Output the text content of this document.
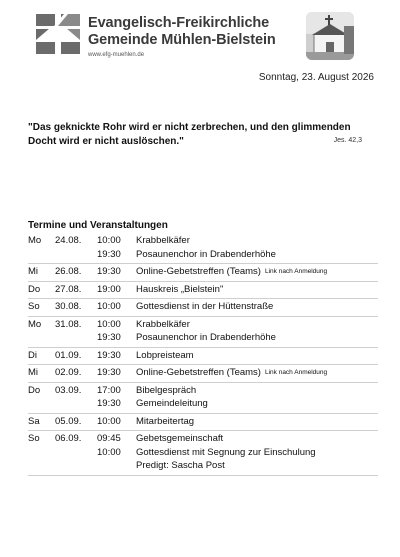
Evangelisch-Freikirchliche
Gemeinde Mühlen-Bielstein
www.efg-muehlen.de
Sonntag, 23. August 2026
"Das geknickte Rohr wird er nicht zerbrechen, und den glimmenden Docht wird er nicht auslöschen."	Jes. 42,3
Termine und Veranstaltungen
Mo	24.08.	10:00	Krabbelkäfer
19:30	Posaunenchor in Drabenderhöhe
Mi	26.08.	19:30	Online-Gebetstreffen (Teams) Link nach Anmeldung
Do	27.08.	19:00	Hauskreis „Bielstein"
So	30.08.	10:00	Gottesdienst in der Hüttenstraße
Mo	31.08.	10:00	Krabbelkäfer
19:30	Posaunenchor in Drabenderhöhe
Di	01.09.	19:30	Lobpreisteam
Mi	02.09.	19:30	Online-Gebetstreffen (Teams) Link nach Anmeldung
Do	03.09.	17:00	Bibelgespräch
19:30	Gemeindeleitung
Sa	05.09.	10:00	Mitarbeitertag
So	06.09.	09:45	Gebetsgemeinschaft
10:00	Gottesdienst mit Segnung zur Einschulung
Predigt: Sascha Post
